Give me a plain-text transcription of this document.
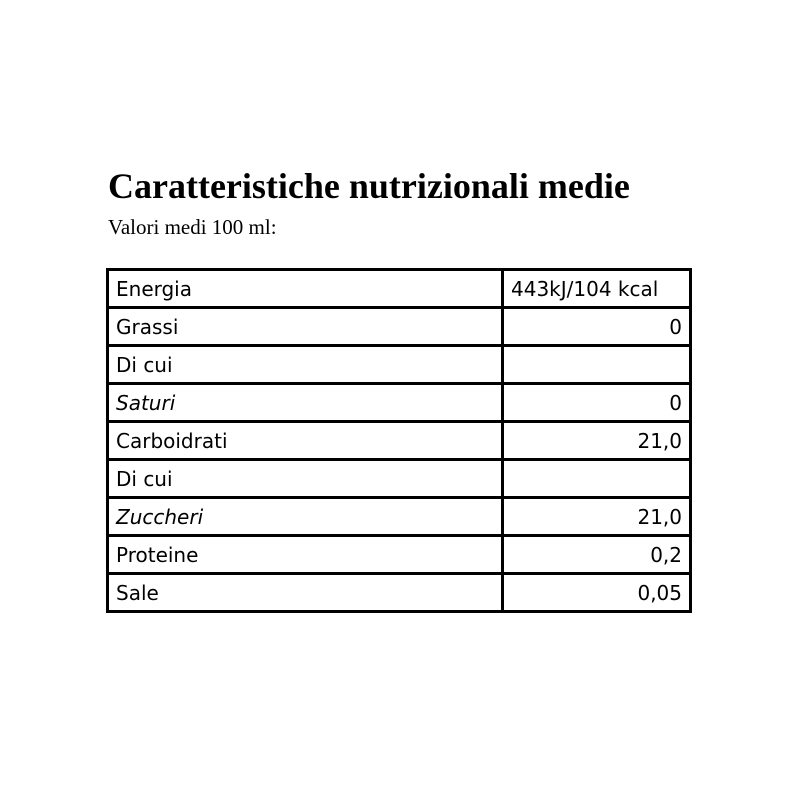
Caratteristiche nutrizionali medie

Valori medi 100 ml:

Energia	443kJ/104 kcal
Grassi	0
Di cui	
Saturi	0
Carboidrati	21,0
Di cui	
Zuccheri	21,0
Proteine	0,2
Sale	0,05
